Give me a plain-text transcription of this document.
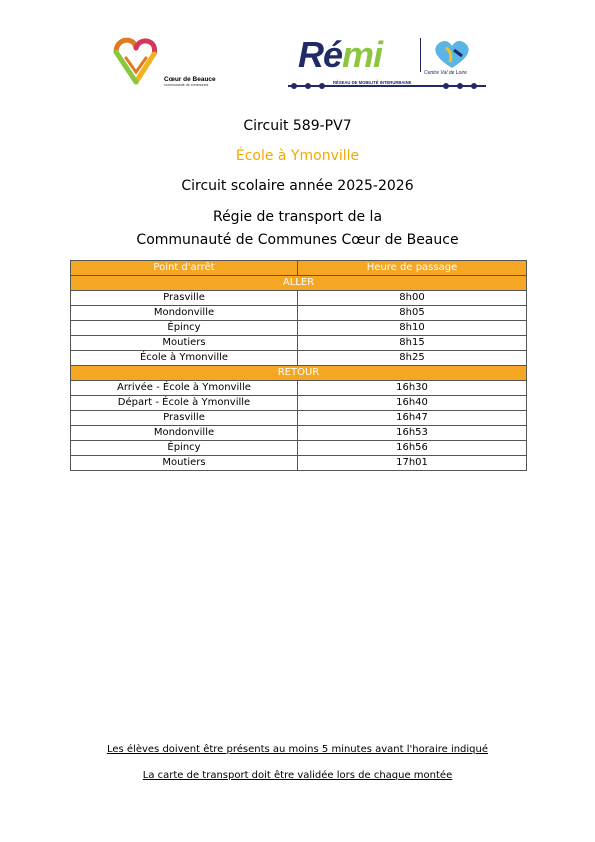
Cœur de Beauce
communauté de communes
Rémi	Centre Val de Loire
RÉSEAU DE MOBILITÉ INTERURBAINE
Circuit 589-PV7
École à Ymonville
Circuit scolaire année 2025-2026
Régie de transport de la
Communauté de Communes Cœur de Beauce
Point d'arrêt	Heure de passage
ALLER	
Prasville	8h00
Mondonville	8h05
Épincy	8h10
Moutiers	8h15
École à Ymonville	8h25
RETOUR	
Arrivée - École à Ymonville	16h30
Départ - École à Ymonville	16h40
Prasville	16h47
Mondonville	16h53
Épincy	16h56
Moutiers	17h01
Les élèves doivent être présents au moins 5 minutes avant l'horaire indiqué
La carte de transport doit être validée lors de chaque montée
